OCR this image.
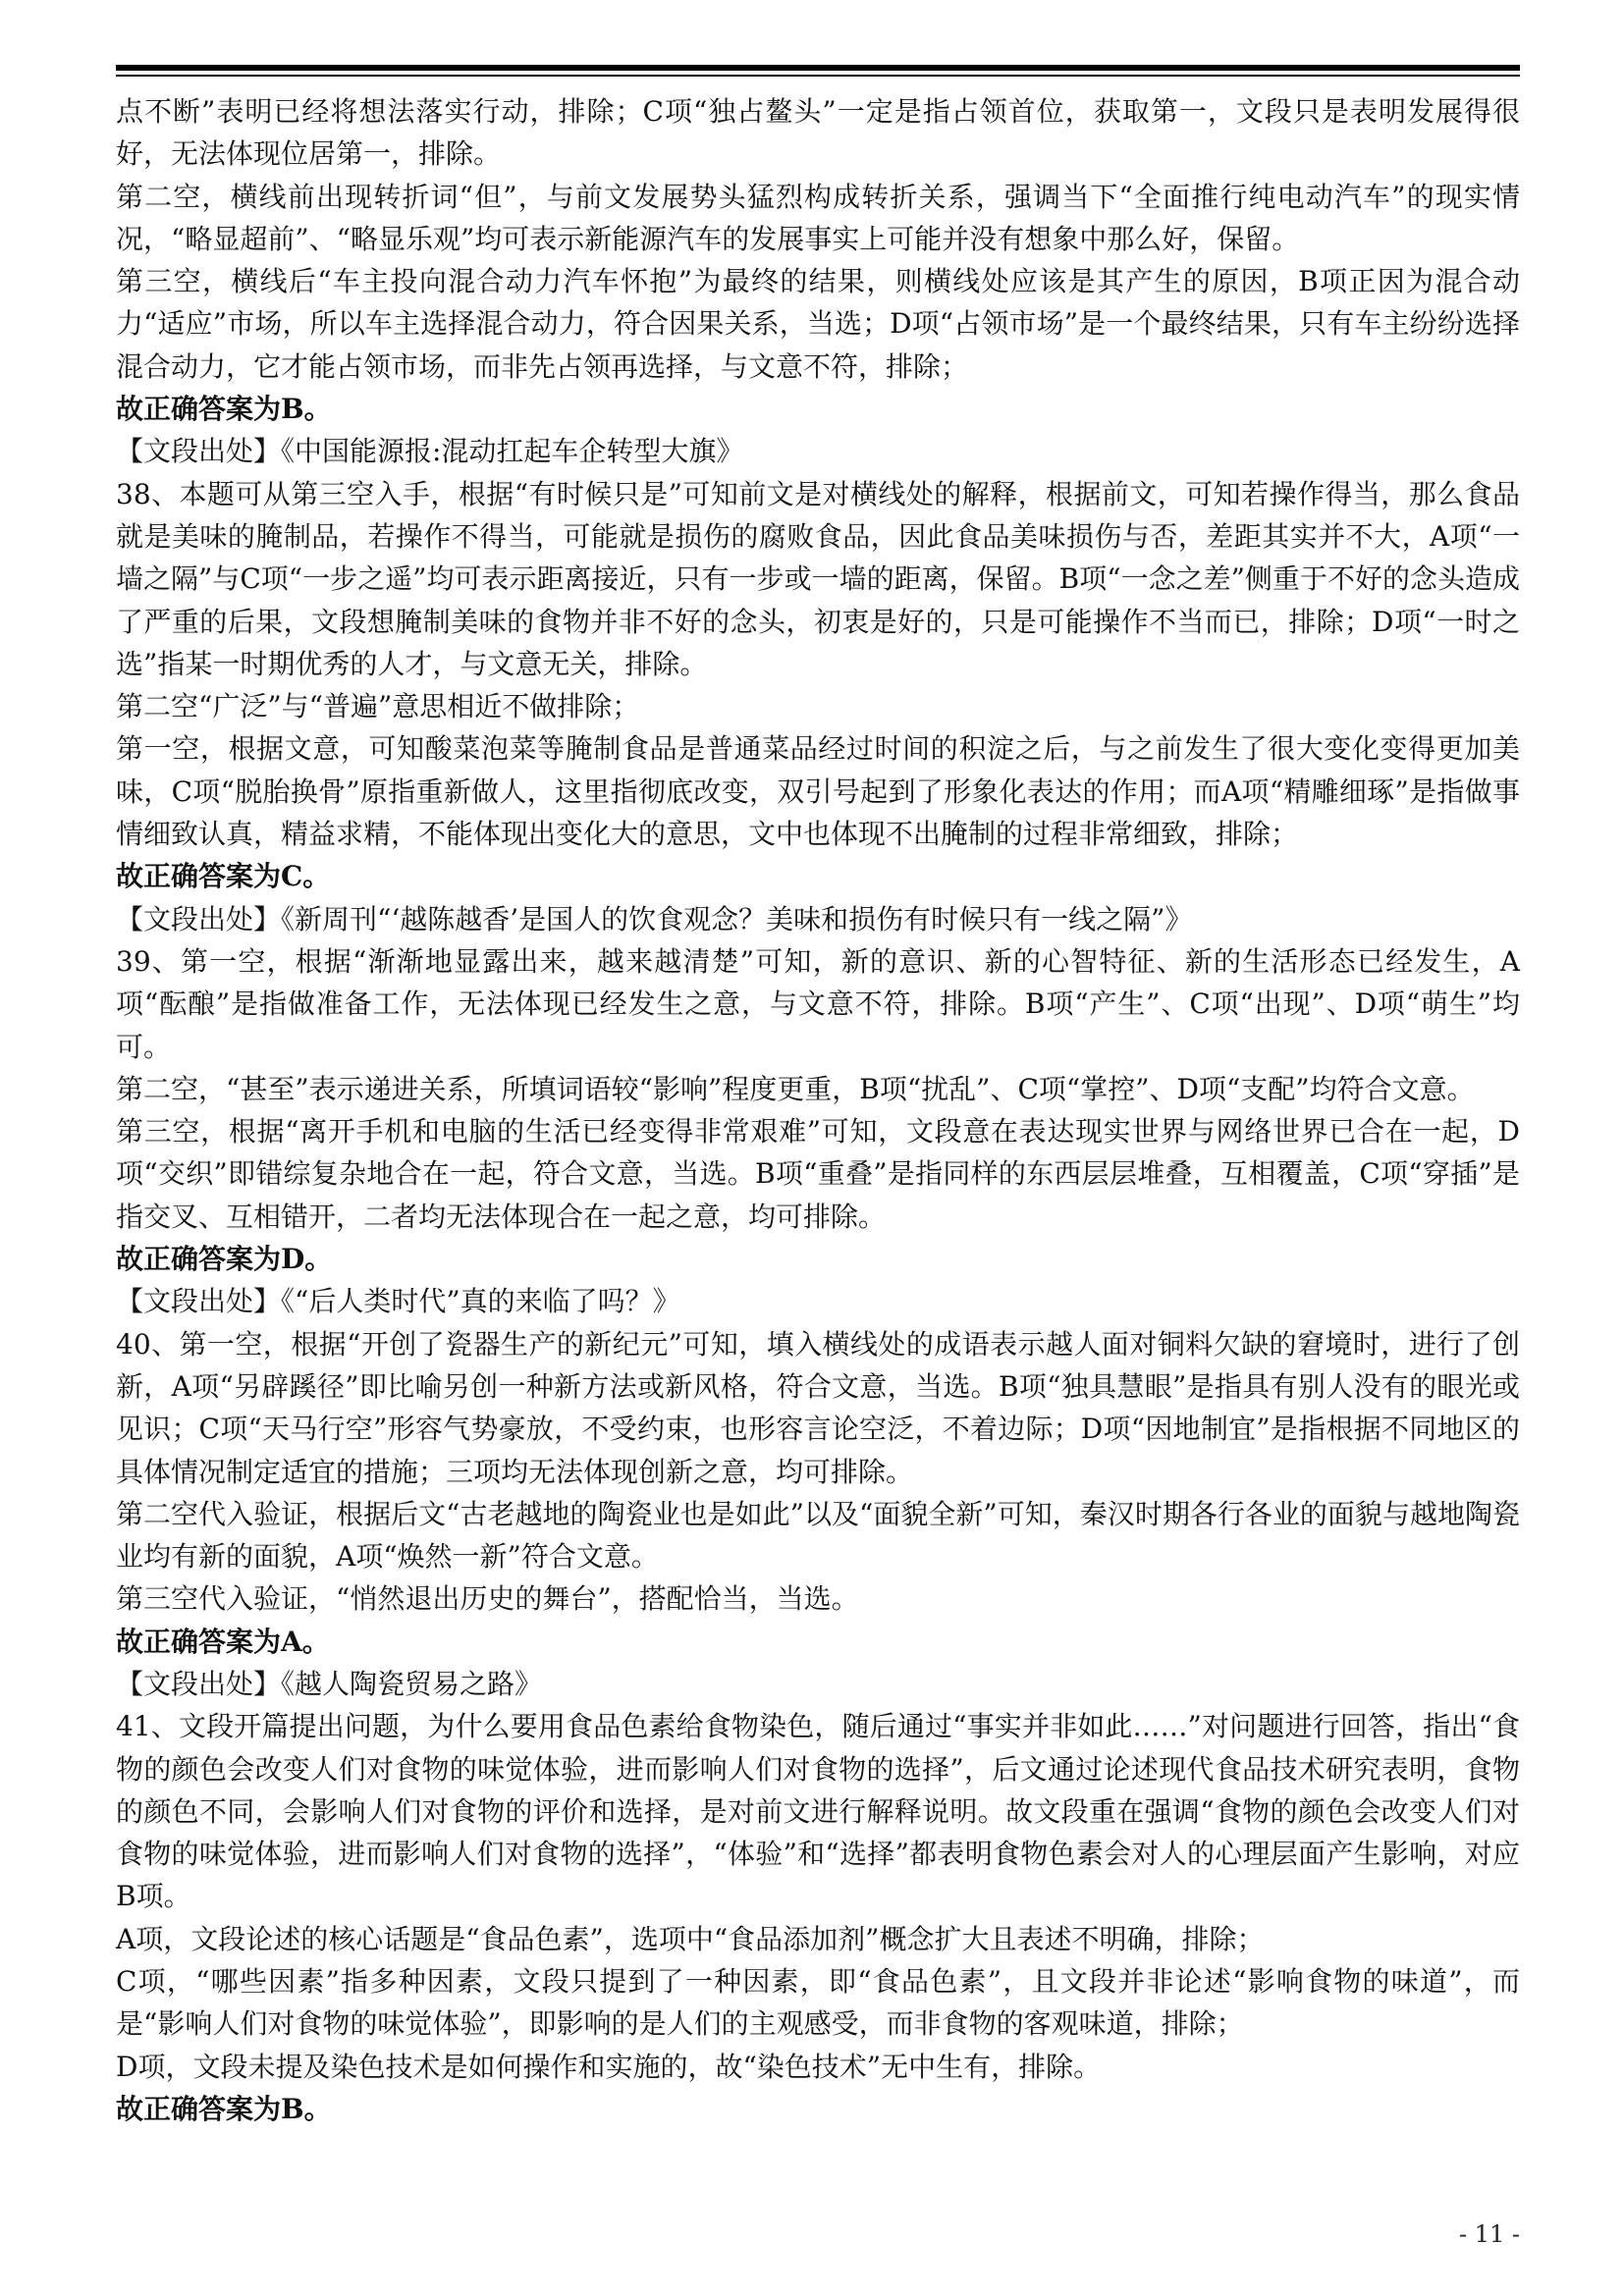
点不断”表明已经将想法落实行动，排除；C项“独占鳌头”一定是指占领首位，获取第一，文段只是表明发展得很好，无法体现位居第一，排除。

第二空，横线前出现转折词“但”，与前文发展势头猛烈构成转折关系，强调当下“全面推行纯电动汽车”的现实情况，“略显超前”、“略显乐观”均可表示新能源汽车的发展事实上可能并没有想象中那么好，保留。

第三空，横线后“车主投向混合动力汽车怀抱”为最终的结果，则横线处应该是其产生的原因，B项正因为混合动力“适应”市场，所以车主选择混合动力，符合因果关系，当选；D项“占领市场”是一个最终结果，只有车主纷纷选择混合动力，它才能占领市场，而非先占领再选择，与文意不符，排除；

故正确答案为B。

【文段出处】《中国能源报:混动扛起车企转型大旗》

38、本题可从第三空入手，根据“有时候只是”可知前文是对横线处的解释，根据前文，可知若操作得当，那么食品就是美味的腌制品，若操作不得当，可能就是损伤的腐败食品，因此食品美味损伤与否，差距其实并不大，A项“一墙之隔”与C项“一步之遥”均可表示距离接近，只有一步或一墙的距离，保留。B项“一念之差”侧重于不好的念头造成了严重的后果，文段想腌制美味的食物并非不好的念头，初衷是好的，只是可能操作不当而已，排除；D项“一时之选”指某一时期优秀的人才，与文意无关，排除。

第二空“广泛”与“普遍”意思相近不做排除；

第一空，根据文意，可知酸菜泡菜等腌制食品是普通菜品经过时间的积淀之后，与之前发生了很大变化变得更加美味，C项“脱胎换骨”原指重新做人，这里指彻底改变，双引号起到了形象化表达的作用；而A项“精雕细琢”是指做事情细致认真，精益求精，不能体现出变化大的意思，文中也体现不出腌制的过程非常细致，排除；

故正确答案为C。

【文段出处】《新周刊“‘越陈越香’是国人的饮食观念？美味和损伤有时候只有一线之隔”》

39、第一空，根据“渐渐地显露出来，越来越清楚”可知，新的意识、新的心智特征、新的生活形态已经发生，A项“酝酿”是指做准备工作，无法体现已经发生之意，与文意不符，排除。B项“产生”、C项“出现”、D项“萌生”均可。

第二空，“甚至”表示递进关系，所填词语较“影响”程度更重，B项“扰乱”、C项“掌控”、D项“支配”均符合文意。

第三空，根据“离开手机和电脑的生活已经变得非常艰难”可知，文段意在表达现实世界与网络世界已合在一起，D项“交织”即错综复杂地合在一起，符合文意，当选。B项“重叠”是指同样的东西层层堆叠，互相覆盖，C项“穿插”是指交叉、互相错开，二者均无法体现合在一起之意，均可排除。

故正确答案为D。

【文段出处】《“后人类时代”真的来临了吗？》

40、第一空，根据“开创了瓷器生产的新纪元”可知，填入横线处的成语表示越人面对铜料欠缺的窘境时，进行了创新，A项“另辟蹊径”即比喻另创一种新方法或新风格，符合文意，当选。B项“独具慧眼”是指具有别人没有的眼光或见识；C项“天马行空”形容气势豪放，不受约束，也形容言论空泛，不着边际；D项“因地制宜”是指根据不同地区的具体情况制定适宜的措施；三项均无法体现创新之意，均可排除。

第二空代入验证，根据后文“古老越地的陶瓷业也是如此”以及“面貌全新”可知，秦汉时期各行各业的面貌与越地陶瓷业均有新的面貌，A项“焕然一新”符合文意。

第三空代入验证，“悄然退出历史的舞台”，搭配恰当，当选。

故正确答案为A。

【文段出处】《越人陶瓷贸易之路》

41、文段开篇提出问题，为什么要用食品色素给食物染色，随后通过“事实并非如此……”对问题进行回答，指出“食物的颜色会改变人们对食物的味觉体验，进而影响人们对食物的选择”，后文通过论述现代食品技术研究表明，食物的颜色不同，会影响人们对食物的评价和选择，是对前文进行解释说明。故文段重在强调“食物的颜色会改变人们对食物的味觉体验，进而影响人们对食物的选择”，“体验”和“选择”都表明食物色素会对人的心理层面产生影响，对应B项。

A项，文段论述的核心话题是“食品色素”，选项中“食品添加剂”概念扩大且表述不明确，排除；

C项，“哪些因素”指多种因素，文段只提到了一种因素，即“食品色素”，且文段并非论述“影响食物的味道”，而是“影响人们对食物的味觉体验”，即影响的是人们的主观感受，而非食物的客观味道，排除；

D项，文段未提及染色技术是如何操作和实施的，故“染色技术”无中生有，排除。

故正确答案为B。

- 11 -
